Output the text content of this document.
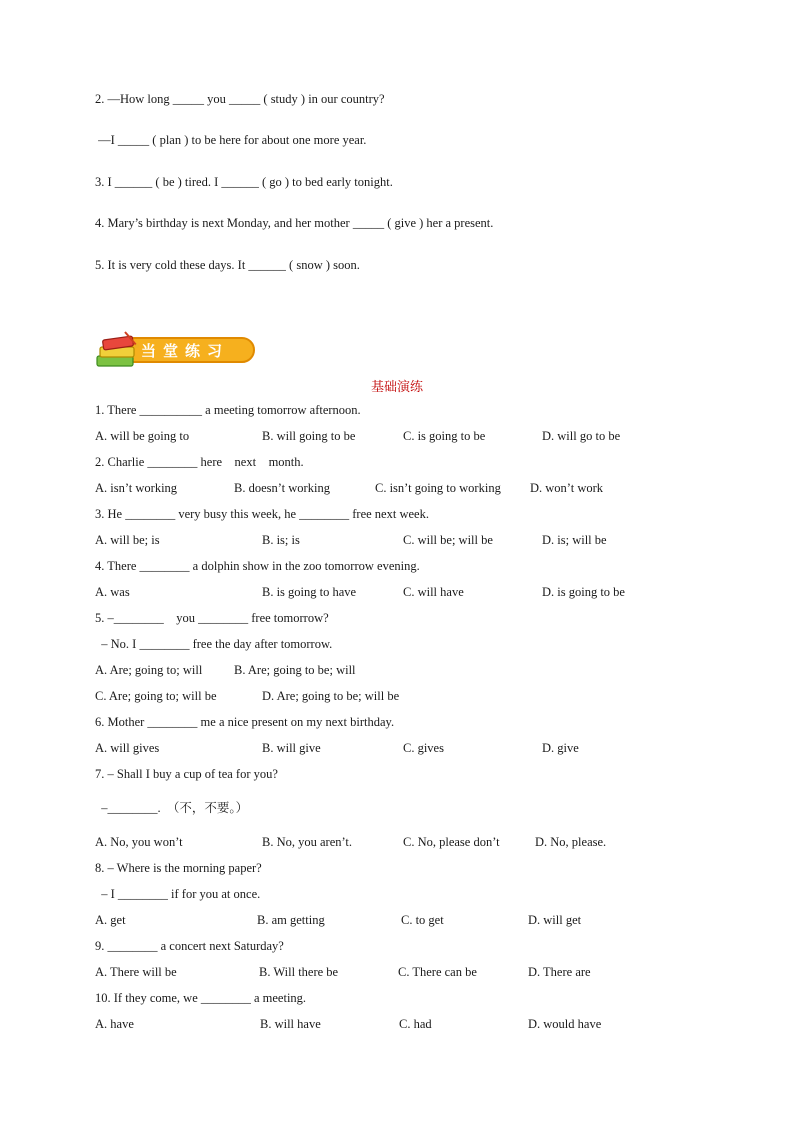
2. —How long _____ you _____ ( study ) in our country?
—I _____ ( plan ) to be here for about one more year.
3. I ______ ( be ) tired. I ______ ( go ) to bed early tonight.
4. Mary’s birthday is next Monday, and her mother _____ ( give ) her a present.
5. It is very cold these days. It ______ ( snow ) soon.
当堂练习
基础演练
1. There __________ a meeting tomorrow afternoon.
A. will be going to	B. will going to be	C. is going to be	D. will go to be
2. Charlie ________ here    next    month.
A. isn’t working	B. doesn’t working	C. isn’t going to working D. won’t work
3. He ________ very busy this week, he ________ free next week.
A. will be; is	B. is; is	C. will be; will be	D. is; will be
4. There ________ a dolphin show in the zoo tomorrow evening.
A. was	B. is going to have	C. will have	D. is going to be
5. –________    you ________ free tomorrow?
– No. I ________ free the day after tomorrow.
A. Are; going to; will	B. Are; going to be; will
C. Are; going to; will be	D. Are; going to be; will be
6. Mother ________ me a nice present on my next birthday.
A. will gives	B. will give	C. gives	D. give
7. – Shall I buy a cup of tea for you?
–________.  （不，不要。）
A. No, you won’t	B. No, you aren’t.	C. No, please don’t	D. No, please.
8. – Where is the morning paper?
– I ________ if for you at once.
A. get	B. am getting	C. to get	D. will get
9. ________ a concert next Saturday?
A. There will be	B. Will there be	C. There can be	D. There are
10. If they come, we ________ a meeting.
A. have	B. will have	C. had	D. would have
